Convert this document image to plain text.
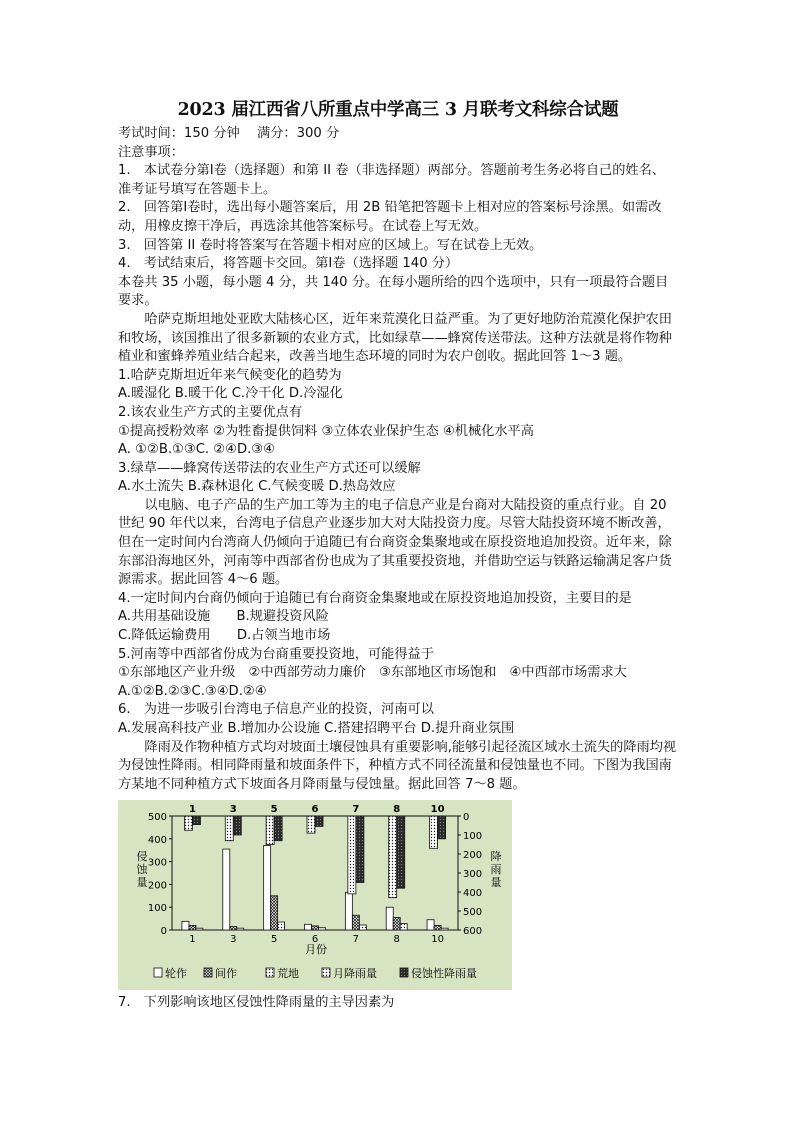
2023 届江西省八所重点中学高三 3 月联考文科综合试题

考试时间：150 分钟　 满分：300 分

注意事项：

1.　本试卷分第Ⅰ卷（选择题）和第 II 卷（非选择题）两部分。答题前考生务必将自己的姓名、准考证号填写在答题卡上。

2.　回答第Ⅰ卷时，选出每小题答案后，用 2B 铅笔把答题卡上相对应的答案标号涂黑。如需改动，用橡皮擦干净后，再选涂其他答案标号。在试卷上写无效。

3.　回答第 II 卷时将答案写在答题卡相对应的区域上。写在试卷上无效。

4.　考试结束后，将答题卡交回。第Ⅰ卷（选择题 140 分）

本卷共 35 小题，每小题 4 分，共 140 分。在每小题所给的四个选项中，只有一项最符合题目要求。

哈萨克斯坦地处亚欧大陆核心区，近年来荒漠化日益严重。为了更好地防治荒漠化保护农田和牧场，该国推出了很多新颖的农业方式，比如绿草——蜂窝传送带法。这种方法就是将作物种植业和蜜蜂养殖业结合起来，改善当地生态环境的同时为农户创收。据此回答 1～3 题。

1.哈萨克斯坦近年来气候变化的趋势为

A.暖湿化 B.暖干化 C.冷干化 D.冷湿化

2.该农业生产方式的主要优点有

①提高授粉效率 ②为牲畜提供饲料 ③立体农业保护生态 ④机械化水平高

A. ①②B.①③C. ②④D.③④

3.绿草——蜂窝传送带法的农业生产方式还可以缓解

A.水土流失 B.森林退化 C.气候变暖 D.热岛效应

以电脑、电子产品的生产加工等为主的电子信息产业是台商对大陆投资的重点行业。自 20 世纪 90 年代以来，台湾电子信息产业逐步加大对大陆投资力度。尽管大陆投资环境不断改善，但在一定时间内台湾商人仍倾向于追随已有台商资金集聚地或在原投资地追加投资。近年来，除东部沿海地区外，河南等中西部省份也成为了其重要投资地，并借助空运与铁路运输满足客户货源需求。据此回答 4～6 题。

4.一定时间内台商仍倾向于追随已有台商资金集聚地或在原投资地追加投资，主要目的是

A.共用基础设施　　B.规避投资风险

C.降低运输费用　　D.占领当地市场

5.河南等中西部省份成为台商重要投资地，可能得益于

①东部地区产业升级　②中西部劳动力廉价　③东部地区市场饱和　④中西部市场需求大

A.①②B.②③C.③④D.②④

6.　为进一步吸引台湾电子信息产业的投资，河南可以

A.发展高科技产业 B.增加办公设施 C.搭建招聘平台 D.提升商业氛围

降雨及作物种植方式均对坡面土壤侵蚀具有重要影响,能够引起径流区域水土流失的降雨均视为侵蚀性降雨。相同降雨量和坡面条件下，种植方式不同径流量和侵蚀量也不同。下图为我国南方某地不同种植方式下坡面各月降雨量与侵蚀量。据此回答 7～8 题。

500
400
300
200
100
0
0
100
200
300
400
500
600
1	3	5	6	7	8	10
1	3	5	6	7	8	10
侵蚀量
降雨量
月份
轮作	间作	荒地	月降雨量	侵蚀性降雨量

7.　下列影响该地区侵蚀性降雨量的主导因素为
